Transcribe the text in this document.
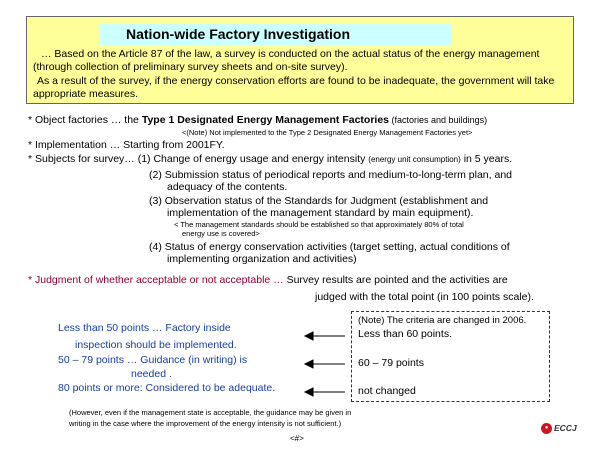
Nation-wide Factory Investigation
… Based on the Article 87 of the law, a survey is conducted on the actual status of the energy management (through collection of preliminary survey sheets and on-site survey).
As a result of the survey, if the energy conservation efforts are found to be inadequate, the government will take appropriate measures.
* Object factories … the Type 1 Designated Energy Management Factories (factories and buildings)
<(Note) Not implemented to the Type 2 Designated Energy Management Factories yet>
* Implementation … Starting from 2001FY.
* Subjects for survey… (1) Change of energy usage and energy intensity (energy unit consumption) in 5 years.
(2) Submission status of periodical reports and medium-to-long-term plan, and
adequacy of the contents.
(3) Observation status of the Standards for Judgment (establishment and
implementation of the management standard by main equipment).
< The management standards should be established so that approximately 80% of total
energy use is covered>
(4) Status of energy conservation activities (target setting, actual conditions of
implementing organization and activities)
* Judgment of whether acceptable or not acceptable … Survey results are pointed and the activities are
judged with the total point (in 100 points scale).
Less than 50 points … Factory inside
inspection should be implemented.
50 – 79 points … Guidance (in writing) is
needed .
80 points or more: Considered to be adequate.
(Note) The criteria are changed in 2006.
Less than 60 points.
60 – 79 points
not changed
(However, even if the management state is acceptable, the guidance may be given in
writing in the case where the improvement of the energy intensity is not sufficient.)
<#>
● ECCJ
